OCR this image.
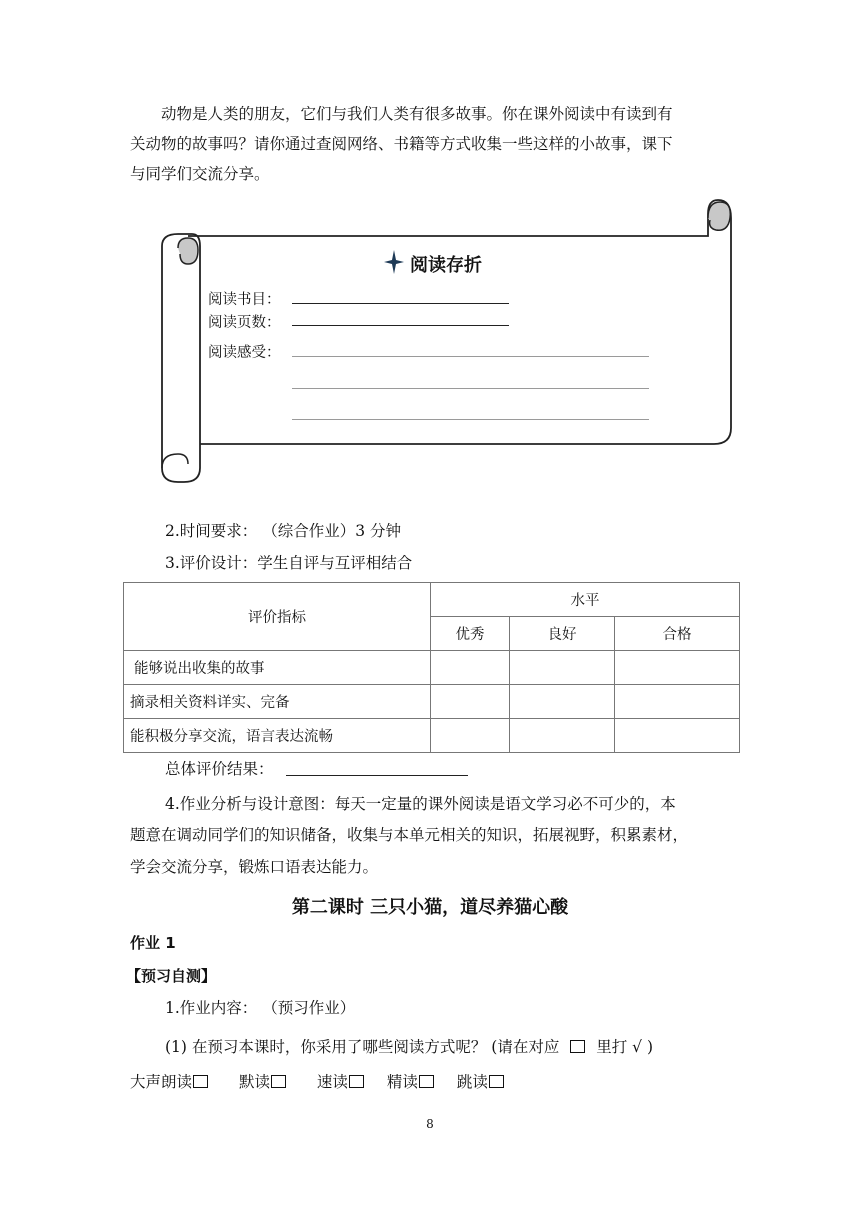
动物是人类的朋友，它们与我们人类有很多故事。你在课外阅读中有读到有

关动物的故事吗？请你通过查阅网络、书籍等方式收集一些这样的小故事，课下
与同学们交流分享。
阅读存折
阅读书目：
阅读页数：
阅读感受：
2.时间要求： （综合作业）3 分钟
3.评价设计：学生自评与互评相结合
评价指标	水平		
	优秀	良好	合格
能够说出收集的故事			
摘录相关资料详实、完备			
能积极分享交流，语言表达流畅			
总体评价结果：
4.作业分析与设计意图：每天一定量的课外阅读是语文学习必不可少的，本
题意在调动同学们的知识储备，收集与本单元相关的知识，拓展视野，积累素材，
学会交流分享，锻炼口语表达能力。
第二课时 三只小猫，道尽养猫心酸
作业 1
【预习自测】
1.作业内容： （预习作业）
(1) 在预习本课时，你采用了哪些阅读方式呢？ (请在对应 里打 √ )
大声朗读	默读	速读	精读	跳读
8
